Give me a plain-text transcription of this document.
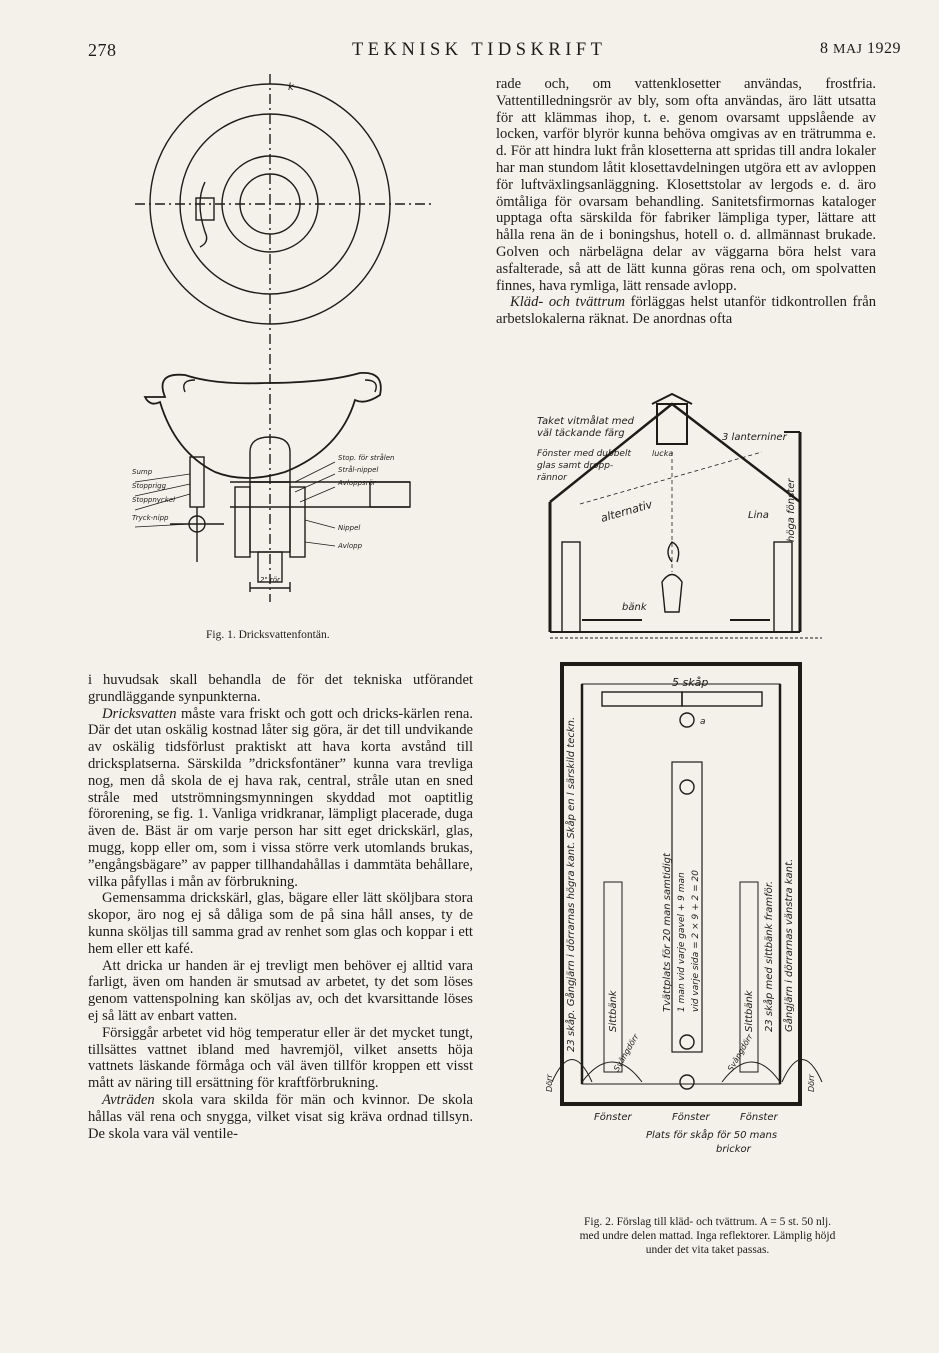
278	TEKNISK TIDSKRIFT	8 MAJ 1929

rade och, om vattenklosetter användas, frostfria. Vattentilledningsrör av bly, som ofta användas, äro lätt utsatta för att klämmas ihop, t. e. genom ovarsamt uppslående av locken, varför blyrör kunna behöva omgivas av en trätrumma e. d. För att hindra lukt från klosetterna att spridas till andra lokaler har man stundom låtit klosettavdelningen utgöra ett av avloppen för luftväxlingsanläggning. Klosettstolar av lergods e. d. äro ömtåliga för ovarsam behandling. Sanitetsfirmornas kataloger upptaga ofta särskilda för fabriker lämpliga typer, lättare att hålla rena än de i boningshus, hotell o. d. allmännast brukade. Golven och närbelägna delar av väggarna böra helst vara asfalterade, så att de lätt kunna göras rena och, om spolvatten finnes, hava rymliga, lätt rensade avlopp.

Kläd- och tvättrum förläggas helst utanför tidkontrollen från arbetslokalerna räknat. De anordnas ofta

k
Sump
Stopprigg
Stoppnyckel
Tryck-nipp
Stop. för strålen
Strål-nippel
Avloppsrör
Nippel
Avlopp
2" rör
Fig. 1. Dricksvattenfontän.

i huvudsak skall behandla de för det tekniska utförandet grundläggande synpunkterna.

Dricksvatten måste vara friskt och gott och dricks-kärlen rena. Där det utan oskälig kostnad låter sig göra, är det till undvikande av oskälig tidsförlust praktiskt att hava korta avstånd till dricksplatserna. Särskilda ”dricksfontäner” kunna vara trevliga nog, men då skola de ej hava rak, central, stråle utan en sned stråle med utströmningsmynningen skyddad mot oaptitlig förorening, se fig. 1. Vanliga vridkranar, lämpligt placerade, duga även de. Bäst är om varje person har sitt eget drickskärl, glas, mugg, kopp eller om, som i vissa större verk utomlands brukas, ”engångsbägare” av papper tillhandahållas i dammtäta behållare, vilka påfyllas i mån av förbrukning.

Gemensamma drickskärl, glas, bägare eller lätt sköljbara stora skopor, äro nog ej så dåliga som de på sina håll anses, ty de kunna sköljas till samma grad av renhet som glas och koppar i ett hem eller ett kafé.

Att dricka ur handen är ej trevligt men behöver ej alltid vara farligt, även om handen är smutsad av arbetet, ty det som löses genom vattenspolning kan sköljas av, och det kvarsittande löses ej så lätt av enbart vatten.

Försiggår arbetet vid hög temperatur eller är det mycket tungt, tillsättes vattnet ibland med havremjöl, vilket ansetts höja vattnets läskande förmåga och väl även tillför kroppen ett visst mått av näring till ersättning för kraftförbrukning.

Avträden skola vara skilda för män och kvinnor. De skola hållas väl rena och snygga, vilket visat sig kräva ordnad tillsyn. De skola vara väl ventile-

Taket vitmålat med
väl täckande färg
Fönster med dubbelt
glas samt dropp-
rännor
3 lanterniner
lucka
alternativ	Lina höga fönster
bänk
5 skåp
23 skåp. Gångjärn i dörrarnas högra kant. Skåp en l särskild teckn.	Sittbänk	Tvättplats för 20 man samtidigt 1 man vid varje gavel + 9 man vid varje sida = 2 × 9 + 2 = 20	Sittbänk 23 skåp med sittbänk framför. Gångjärn i dörrarnas vänstra kant.
Dörr
Svängdörr	Svängdörr
Dörr
Fönster	Fönster	Fönster
Plats för skåp för 50 mans
brickor
a
Fig. 2. Förslag till kläd- och tvättrum. A = 5 st. 50 nlj.
med undre delen mattad. Inga reflektorer. Lämplig höjd
under det vita taket passas.
